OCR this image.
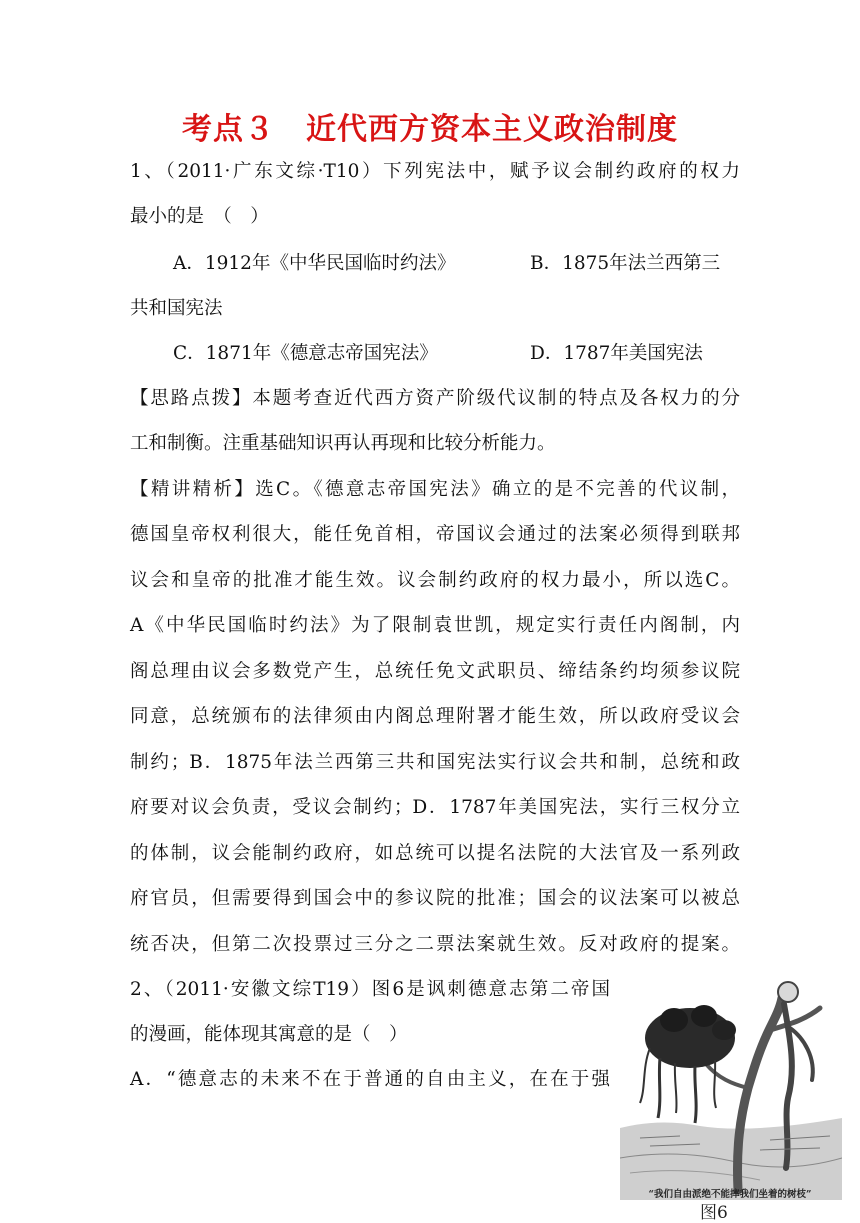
考点３　近代西方资本主义政治制度
1、（2011·广东文综·T10）下列宪法中，赋予议会制约政府的权力
最小的是　（　）
A．1912年《中华民国临时约法》	B．1875年法兰西第三
共和国宪法
C．1871年《德意志帝国宪法》	D．1787年美国宪法
【思路点拨】本题考查近代西方资产阶级代议制的特点及各权力的分
工和制衡。注重基础知识再认再现和比较分析能力。
【精讲精析】选C。《德意志帝国宪法》确立的是不完善的代议制，
德国皇帝权利很大，能任免首相，帝国议会通过的法案必须得到联邦
议会和皇帝的批准才能生效。议会制约政府的权力最小，所以选C。
A《中华民国临时约法》为了限制袁世凯，规定实行责任内阁制，内
阁总理由议会多数党产生，总统任免文武职员、缔结条约均须参议院
同意，总统颁布的法律须由内阁总理附署才能生效，所以政府受议会
制约；B．1875年法兰西第三共和国宪法实行议会共和制，总统和政
府要对议会负责，受议会制约；D．1787年美国宪法，实行三权分立
的体制，议会能制约政府，如总统可以提名法院的大法官及一系列政
府官员，但需要得到国会中的参议院的批准；国会的议法案可以被总
统否决，但第二次投票过三分之二票法案就生效。反对政府的提案。
2、（2011·安徽文综T19）图6是讽刺德意志第二帝国
的漫画，能体现其寓意的是（　）
A．“德意志的未来不在于普通的自由主义，在在于强
“我们自由派绝不能摔我们坐着的树枝”
图6
